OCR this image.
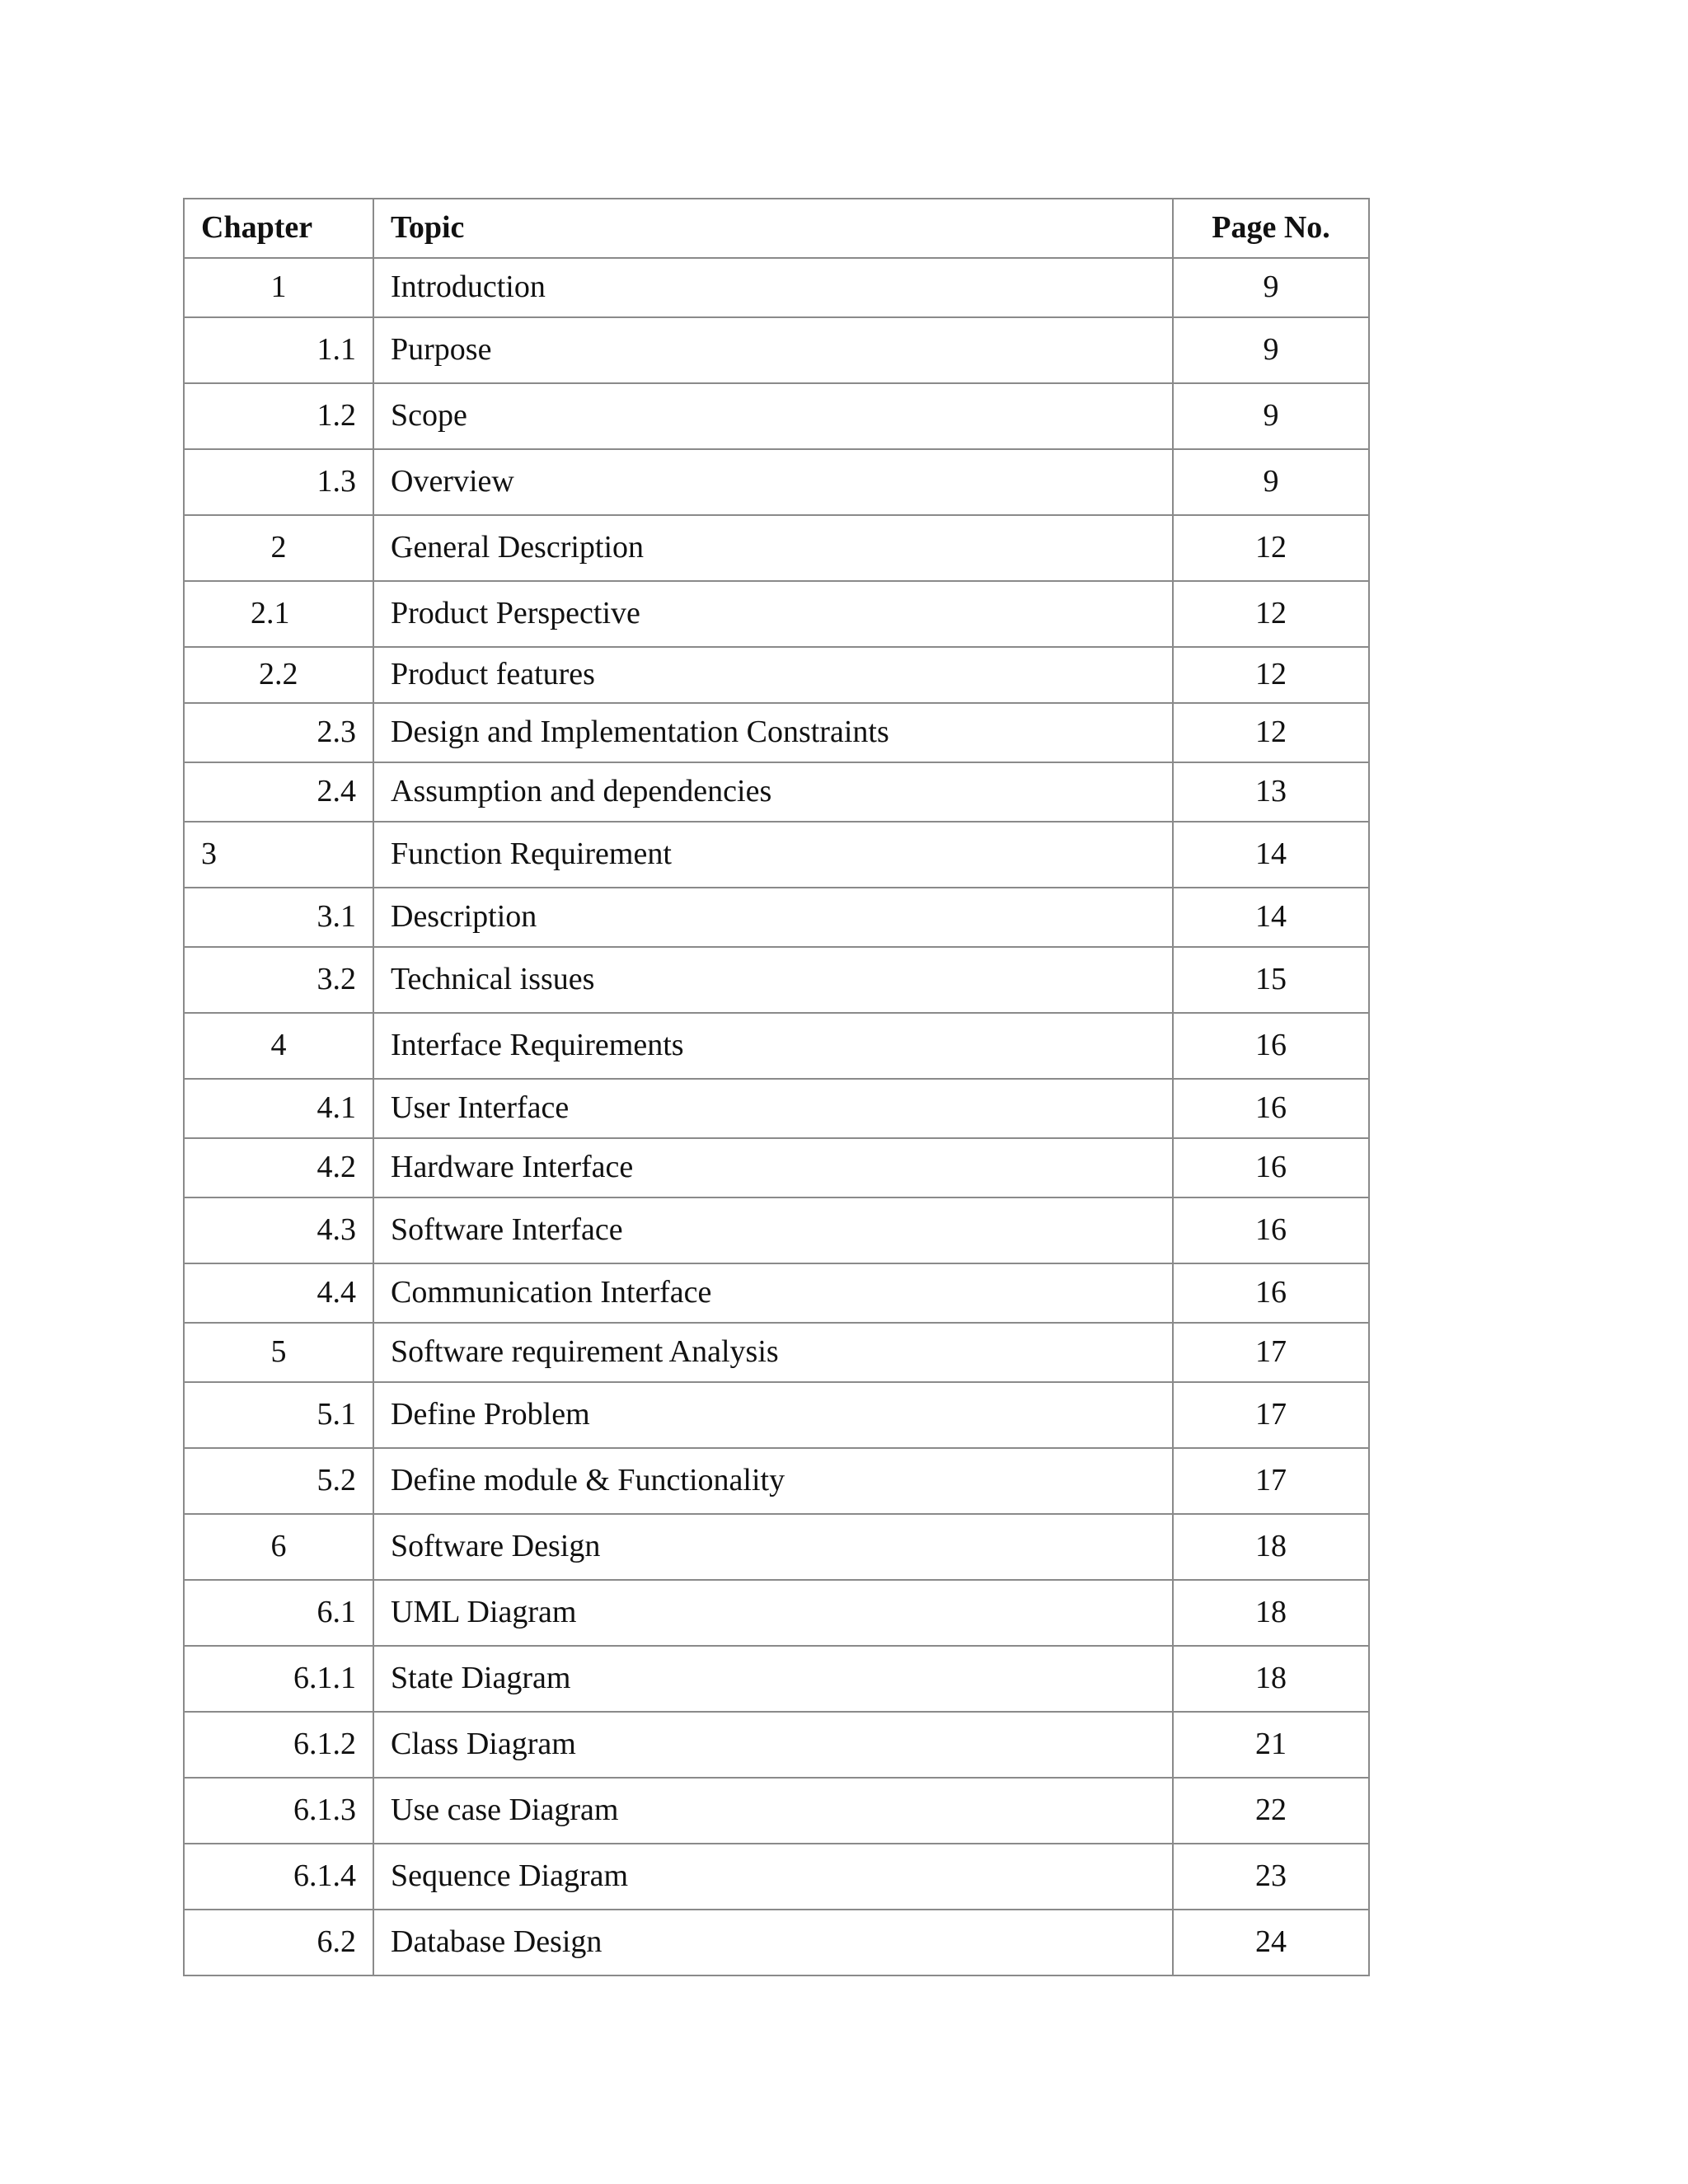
Chapter	Topic	Page No.
1	Introduction	9
1.1	Purpose	9
1.2	Scope	9
1.3	Overview	9
2	General Description	12
2.1	Product Perspective	12
2.2	Product features	12
2.3	Design and Implementation Constraints	12
2.4	Assumption and dependencies	13
3	Function Requirement	14
3.1	Description	14
3.2	Technical issues	15
4	Interface Requirements	16
4.1	User Interface	16
4.2	Hardware Interface	16
4.3	Software Interface	16
4.4	Communication Interface	16
5	Software requirement Analysis	17
5.1	Define Problem	17
5.2	Define module & Functionality	17
6	Software Design	18
6.1	UML Diagram	18
6.1.1	State Diagram	18
6.1.2	Class Diagram	21
6.1.3	Use case Diagram	22
6.1.4	Sequence Diagram	23
6.2	Database Design	24
